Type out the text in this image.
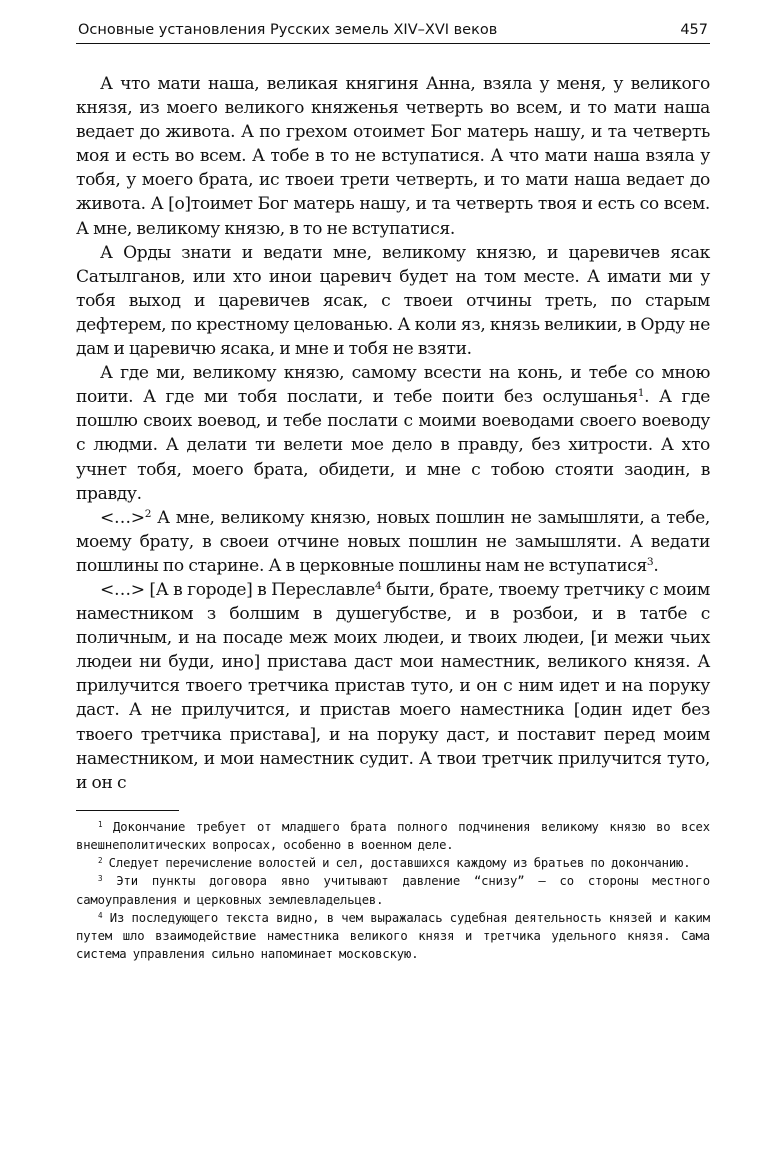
Основные установления Русских земель XIV–XVI веков	457

А что мати наша, великая княгиня Анна, взяла у меня, у великого князя, из моего великого княженья четверть во всем, и то мати наша ведает до живота. А по грехом отоимет Бог матерь нашу, и та четверть моя и есть во всем. А тобе в то не вступатися. А что мати наша взяла у тобя, у моего брата, ис твоеи трети четверть, и то мати наша ведает до живота. А [о]тоимет Бог матерь нашу, и та четверть твоя и есть со всем. А мне, великому князю, в то не вступатися.

А Орды знати и ведати мне, великому князю, и царевичев ясак Сатылганов, или хто инои царевич будет на том месте. А имати ми у тобя выход и царевичев ясак, с твоеи отчины треть, по старым дефтерем, по крестному целованью. А коли яз, князь великии, в Орду не дам и царевичю ясака, и мне и тобя не взяти.

А где ми, великому князю, самому всести на конь, и тебе со мною поити. А где ми тобя послати, и тебе поити без ослушанья$^1$. А где пошлю своих воевод, и тебе послати с моими воеводами своего воеводу с людми. А делати ти велети мое дело в правду, без хитрости. А хто учнет тобя, моего брата, обидети, и мне с тобою стояти заодин, в правду.

<…>$^2$ А мне, великому князю, новых пошлин не замышляти, а тебе, моему брату, в своеи отчине новых пошлин не замышляти. А ведати пошлины по старине. А в церковные пошлины нам не вступатися$^3$.

<…> [А в городе] в Переславле$^4$ быти, брате, твоему третчику с моим наместником з болшим в душегубстве, и в розбои, и в татбе с поличным, и на посаде меж моих людеи, и твоих людеи, [и межи чьих людеи ни буди, ино] пристава даст мои наместник, великого князя. А прилучится твоего третчика пристав туто, и он с ним идет и на поруку даст. А не прилучится, и пристав моего наместника [один идет без твоего третчика пристава], и на поруку даст, и поставит перед моим наместником, и мои наместник судит. А твои третчик прилучится туто, и он с

$^1$ Докончание требует от младшего брата полного подчинения великому князю во всех внешнеполитических вопросах, особенно в военном деле.

$^2$ Следует перечисление волостей и сел, доставшихся каждому из братьев по докончанию.

$^3$ Эти пункты договора явно учитывают давление “снизу” — со стороны местного самоуправления и церковных землевладельцев.

$^4$ Из последующего текста видно, в чем выражалась судебная деятельность князей и каким путем шло взаимодействие наместника великого князя и третчика удельного князя. Сама система управления сильно напоминает московскую.
